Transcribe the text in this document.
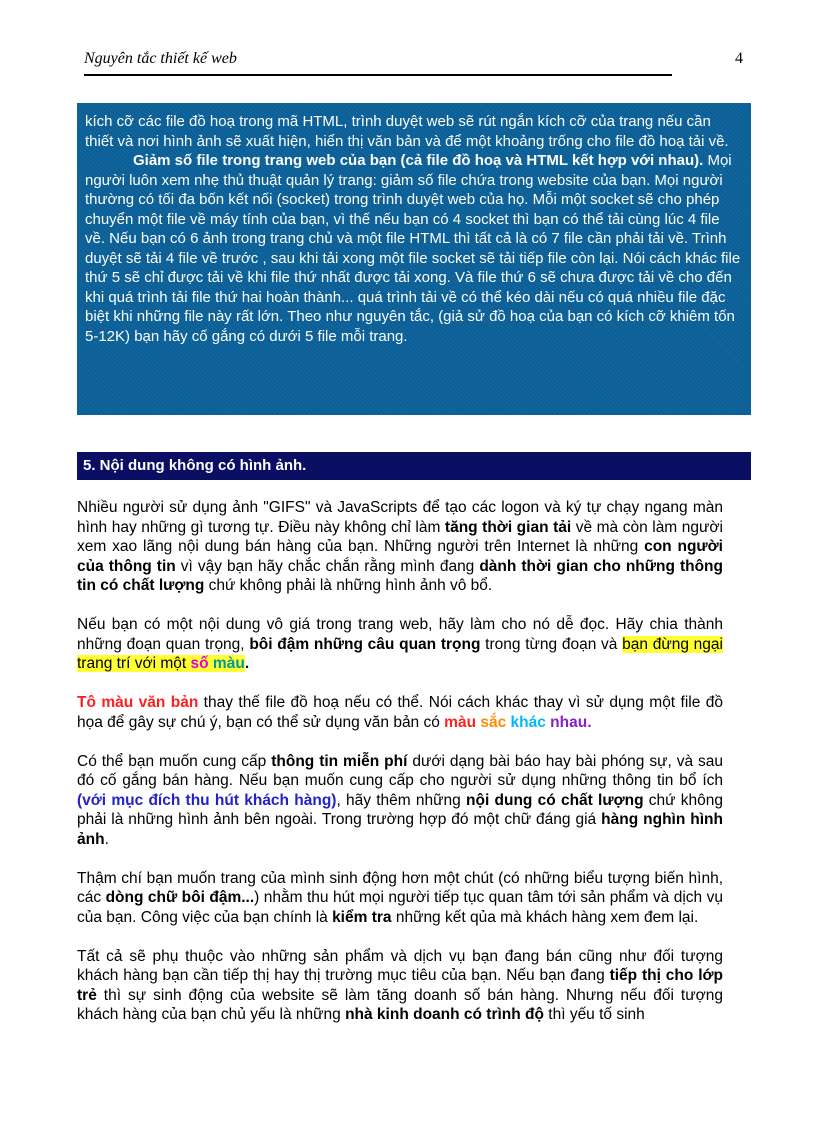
Nguyên tắc thiết kế web	4

kích cỡ các file đồ hoạ trong mã HTML, trình duyệt web sẽ rút ngắn kích cỡ của trang nếu cần thiết và nơi hình ảnh sẽ xuất hiện, hiển thị văn bản và để một khoảng trống cho file đồ hoạ tải về.

Giảm số file trong trang web của bạn (cả file đồ hoạ và HTML kết hợp với nhau). Mọi người luôn xem nhẹ thủ thuật quản lý trang: giảm số file chứa trong website của bạn. Mọi người thường có tối đa bốn kết nối (socket) trong trình duyệt web của họ. Mỗi một socket sẽ cho phép chuyển một file về máy tính của bạn, vì thế nếu bạn có 4 socket thì bạn có thể tải cùng lúc 4 file về. Nếu bạn có 6 ảnh trong trang chủ và một file HTML thì tất cả là có 7 file cần phải tải về. Trình duyệt sẽ tải 4 file về trước , sau khi tải xong một file socket sẽ tải tiếp file còn lại. Nói cách khác file thứ 5 sẽ chỉ được tải về khi file thứ nhất được tải xong. Và file thứ 6 sẽ chưa được tải về cho đến khi quá trình tải file thứ hai hoàn thành... quá trình tải về có thể kéo dài nếu có quá nhiều file đặc biệt khi những file này rất lớn. Theo như nguyên tắc, (giả sử đồ hoạ của bạn có kích cỡ khiêm tốn 5-12K) bạn hãy cố gắng có dưới 5 file mỗi trang.

5. Nội dung không có hình ảnh.

Nhiều người sử dụng ảnh "GIFS" và JavaScripts để tạo các logon và ký tự chạy ngang màn hình hay những gì tương tự. Điều này không chỉ làm tăng thời gian tải về mà còn làm người xem xao lãng nội dung bán hàng của bạn. Những người trên Internet là những con người của thông tin vì vậy bạn hãy chắc chắn rằng mình đang dành thời gian cho những thông tin có chất lượng chứ không phải là những hình ảnh vô bổ.

Nếu bạn có một nội dung vô giá trong trang web, hãy làm cho nó dễ đọc. Hãy chia thành những đoạn quan trọng, bôi đậm những câu quan trọng trong từng đoạn và bạn đừng ngại trang trí với một số màu.

Tô màu văn bản thay thế file đồ hoạ nếu có thể. Nói cách khác thay vì sử dụng một file đồ họa để gây sự chú ý, bạn có thể sử dụng văn bản có màu sắc khác nhau.

Có thể bạn muốn cung cấp thông tin miễn phí dưới dạng bài báo hay bài phóng sự, và sau đó cố gắng bán hàng. Nếu bạn muốn cung cấp cho người sử dụng những thông tin bổ ích (với mục đích thu hút khách hàng), hãy thêm những nội dung có chất lượng chứ không phải là những hình ảnh bên ngoài. Trong trường hợp đó một chữ đáng giá hàng nghìn hình ảnh.

Thậm chí bạn muốn trang của mình sinh động hơn một chút (có những biểu tượng biến hình, các dòng chữ bôi đậm...) nhằm thu hút mọi người tiếp tục quan tâm tới sản phẩm và dịch vụ của bạn. Công việc của bạn chính là kiểm tra những kết qủa mà khách hàng xem đem lại.

Tất cả sẽ phụ thuộc vào những sản phẩm và dịch vụ bạn đang bán cũng như đối tượng khách hàng bạn cần tiếp thị hay thị trường mục tiêu của bạn. Nếu bạn đang tiếp thị cho lớp trẻ thì sự sinh động của website sẽ làm tăng doanh số bán hàng. Nhưng nếu đối tượng khách hàng của bạn chủ yếu là những nhà kinh doanh có trình độ thì yếu tố sinh
